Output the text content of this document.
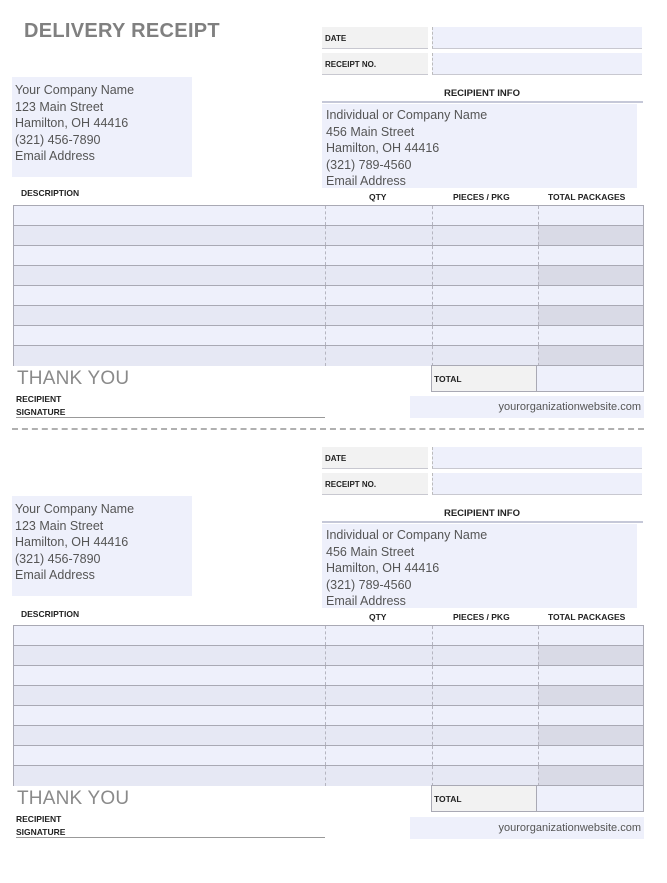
DELIVERY RECEIPT	DATE
RECEIPT NO.
Your Company Name
123 Main Street
Hamilton, OH 44416
(321) 456-7890
Email Address
RECIPIENT INFO
Individual or Company Name
456 Main Street
Hamilton, OH 44416
(321) 789-4560
Email Address
DESCRIPTION	QTY	PIECES / PKG	TOTAL PACKAGES
THANK YOU	TOTAL
RECIPIENT
SIGNATURE	yourorganizationwebsite.com
DATE
RECEIPT NO.
Your Company Name
123 Main Street
Hamilton, OH 44416
(321) 456-7890
Email Address
RECIPIENT INFO
Individual or Company Name
456 Main Street
Hamilton, OH 44416
(321) 789-4560
Email Address
DESCRIPTION	QTY	PIECES / PKG	TOTAL PACKAGES
THANK YOU	TOTAL
RECIPIENT
SIGNATURE	yourorganizationwebsite.com
